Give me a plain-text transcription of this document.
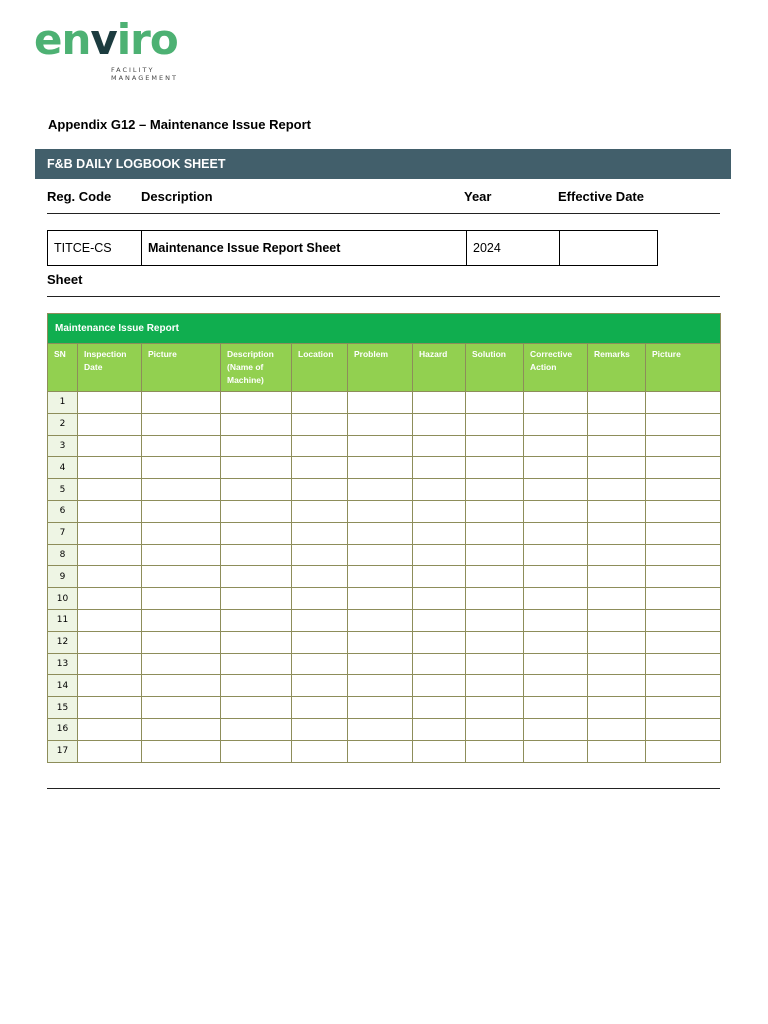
enviro
FACILITY MANAGEMENT
Appendix G12 – Maintenance Issue Report
F&B DAILY LOGBOOK SHEET
Reg. Code Description	Year	Effective Date
TITCE-CS	Maintenance Issue Report Sheet	2024	
Sheet
Maintenance Issue Report										
SN	Inspection Date	Picture	Description (Name of Machine)	Location	Problem	Hazard	Solution	Corrective Action	Remarks	Picture
1										
2										
3										
4										
5										
6										
7										
8										
9										
10										
11										
12										
13										
14										
15										
16										
17										
